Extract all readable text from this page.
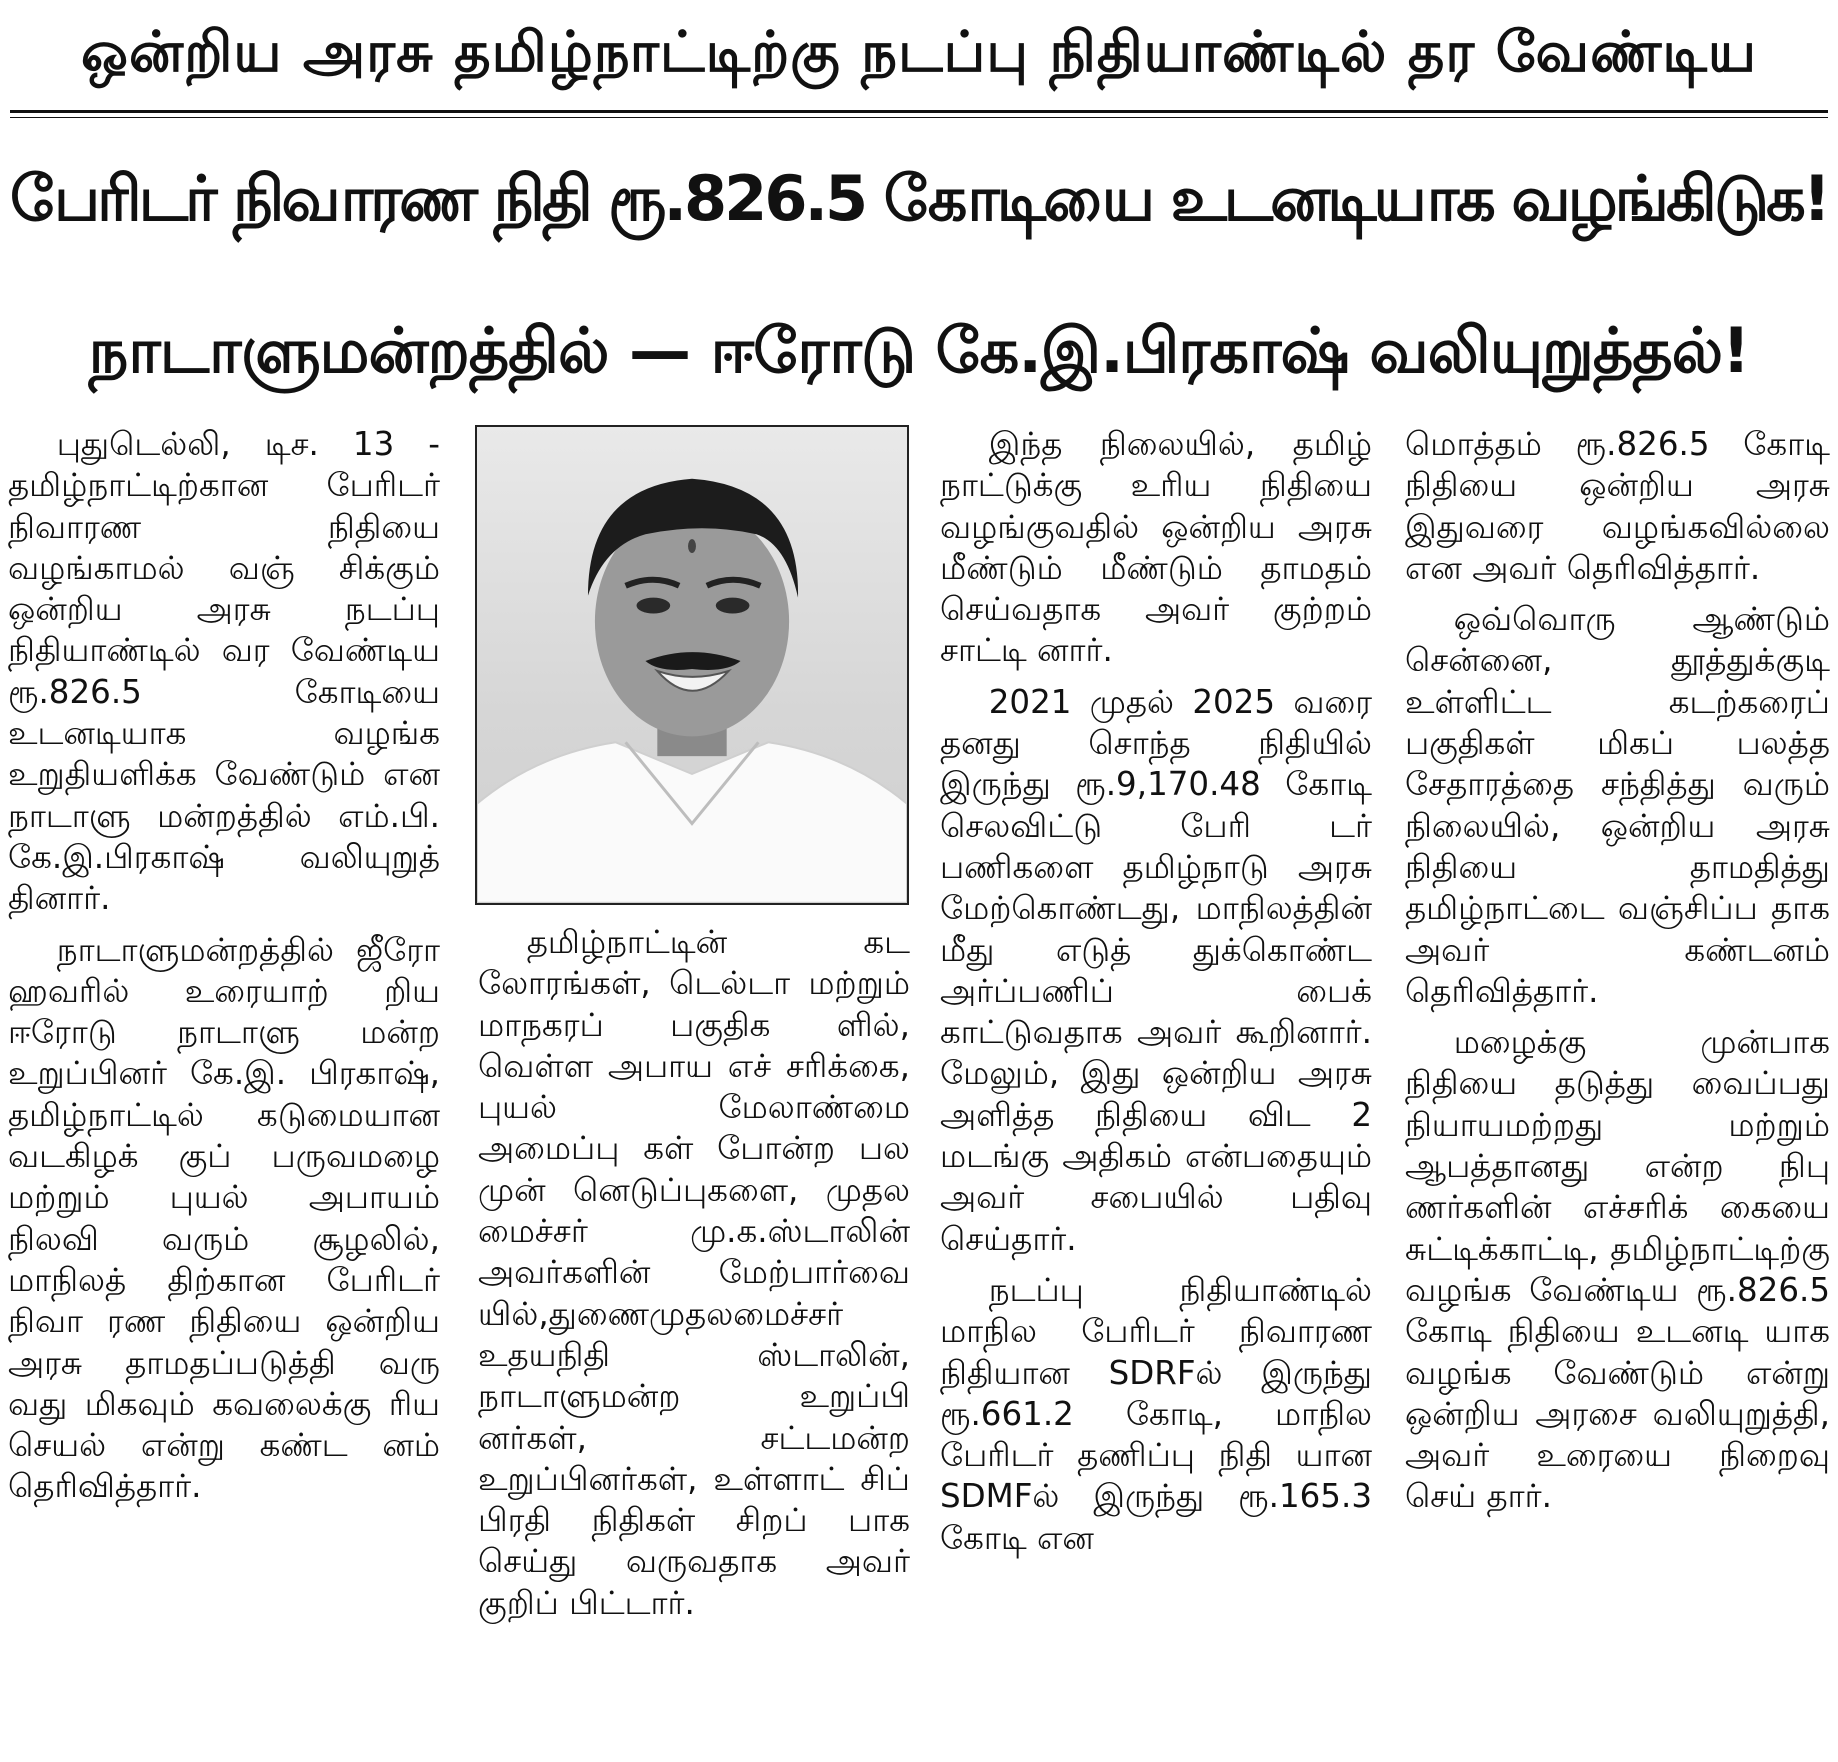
ஒன்றிய அரசு தமிழ்நாட்டிற்கு நடப்பு நிதியாண்டில் தர வேண்டிய
பேரிடர் நிவாரண நிதி ரூ.826.5 கோடியை உடனடியாக வழங்கிடுக!
நாடாளுமன்றத்தில் — ஈரோடு கே.இ.பிரகாஷ் வலியுறுத்தல்!

புதுடெல்லி, டிச. 13 - தமிழ்நாட்டிற்கான பேரிடர் நிவாரண நிதியை வழங்காமல் வஞ் சிக்கும் ஒன்றிய அரசு நடப்பு நிதியாண்டில் வர வேண்டிய ரூ.826.5 கோடியை உடனடியாக வழங்க உறுதியளிக்க வேண்டும் என நாடாளு மன்றத்தில் எம்.பி. கே.இ.பிரகாஷ் வலியுறுத் தினார்.

நாடாளுமன்றத்தில் ஜீரோ ஹவரில் உரையாற் றிய ஈரோடு நாடாளு மன்ற உறுப்பினர் கே.இ. பிரகாஷ், தமிழ்நாட்டில் கடுமையான வடகிழக் குப் பருவமழை மற்றும் புயல் அபாயம் நிலவி வரும் சூழலில், மாநிலத் திற்கான பேரிடர் நிவா ரண நிதியை ஒன்றிய அரசு தாமதப்படுத்தி வரு வது மிகவும் கவலைக்கு ரிய செயல் என்று கண்ட னம் தெரிவித்தார்.

தமிழ்நாட்டின் கட லோரங்கள், டெல்டா மற்றும் மாநகரப் பகுதிக ளில், வெள்ள அபாய எச் சரிக்கை, புயல் மேலாண்மை அமைப்பு கள் போன்ற பல முன் னெடுப்புகளை, முதல மைச்சர் மு.க.ஸ்டாலின் அவர்களின் மேற்பார்வை யில்,துணைமுதலமைச்சர் உதயநிதி ஸ்டாலின், நாடாளுமன்ற உறுப்பி னர்கள், சட்டமன்ற உறுப்பினர்கள், உள்ளாட் சிப் பிரதி நிதிகள் சிறப் பாக செய்து வருவதாக அவர் குறிப் பிட்டார்.

இந்த நிலையில், தமிழ் நாட்டுக்கு உரிய நிதியை வழங்குவதில் ஒன்றிய அரசு மீண்டும் மீண்டும் தாமதம் செய்வதாக அவர் குற்றம் சாட்டி னார்.

2021 முதல் 2025 வரை தனது சொந்த நிதியில் இருந்து ரூ.9,170.48 கோடி செலவிட்டு பேரி டர் பணிகளை தமிழ்நாடு அரசு மேற்கொண்டது, மாநிலத்தின் மீது எடுத் துக்கொண்ட அர்ப்பணிப் பைக் காட்டுவதாக அவர் கூறினார். மேலும், இது ஒன்றிய அரசு அளித்த நிதியை விட 2 மடங்கு அதிகம் என்பதையும் அவர் சபையில் பதிவு செய்தார்.

நடப்பு நிதியாண்டில் மாநில பேரிடர் நிவாரண நிதியான SDRFல் இருந்து ரூ.661.2 கோடி, மாநில பேரிடர் தணிப்பு நிதி யான SDMFல் இருந்து ரூ.165.3 கோடி என

மொத்தம் ரூ.826.5 கோடி நிதியை ஒன்றிய அரசு இதுவரை வழங்கவில்லை என அவர் தெரிவித்தார்.

ஒவ்வொரு ஆண்டும் சென்னை, தூத்துக்குடி உள்ளிட்ட கடற்கரைப் பகுதிகள் மிகப் பலத்த சேதாரத்தை சந்தித்து வரும் நிலையில், ஒன்றிய அரசு நிதியை தாமதித்து தமிழ்நாட்டை வஞ்சிப்ப தாக அவர் கண்டனம் தெரிவித்தார்.

மழைக்கு முன்பாக நிதியை தடுத்து வைப்பது நியாயமற்றது மற்றும் ஆபத்தானது என்ற நிபு ணர்களின் எச்சரிக் கையை சுட்டிக்காட்டி, தமிழ்நாட்டிற்கு வழங்க வேண்டிய ரூ.826.5 கோடி நிதியை உடனடி யாக வழங்க வேண்டும் என்று ஒன்றிய அரசை வலியுறுத்தி, அவர் உரையை நிறைவு செய் தார்.
